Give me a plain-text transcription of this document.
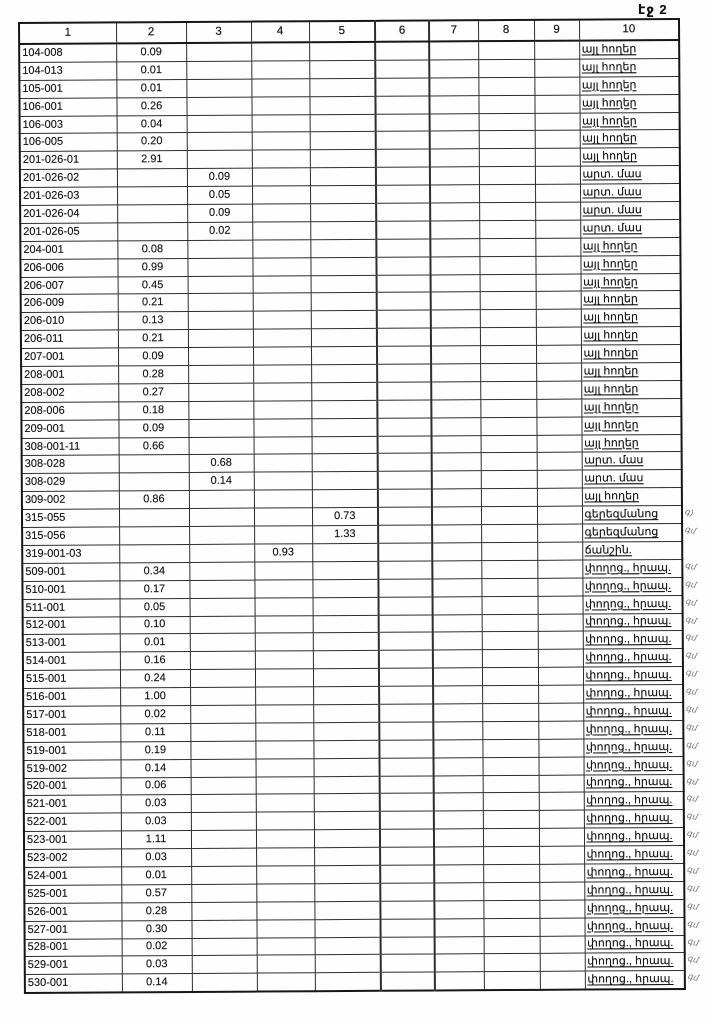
էջ 2
1	2	3	4	5	6	7	8	9	10
104-008	0.09								այլ հողեր
104-013	0.01								այլ հողեր
105-001	0.01								այլ հողեր
106-001	0.26								այլ հողեր
106-003	0.04								այլ հողեր
106-005	0.20								այլ հողեր
201-026-01	2.91								այլ հողեր
201-026-02		0.09							արտ. մաս
201-026-03		0.05							արտ. մաս
201-026-04		0.09							արտ. մաս
201-026-05		0.02							արտ. մաս
204-001	0.08								այլ հողեր
206-006	0.99								այլ հողեր
206-007	0.45								այլ հողեր
206-009	0.21								այլ հողեր
206-010	0.13								այլ հողեր
206-011	0.21								այլ հողեր
207-001	0.09								այլ հողեր
208-001	0.28								այլ հողեր
208-002	0.27								այլ հողեր
208-006	0.18								այլ հողեր
209-001	0.09								այլ հողեր
308-001-11	0.66								այլ հողեր
308-028		0.68							արտ. մաս
308-029		0.14							արտ. մաս
309-002	0.86								այլ հողեր
315-055				0.73					գերեզմանոց գ)

315-056				1.33					գերեզմանոց գմ

319-001-03			0.93						ճանշին.
509-001	0.34								փողոց., հրապ. գմ

510-001	0.17								փողոց., հրապ. գմ

511-001	0.05								փողոց., հրապ. գմ

512-001	0.10								փողոց., հրապ. գմ

513-001	0.01								փողոց., հրապ. գմ

514-001	0.16								փողոց., հրապ. գմ

515-001	0.24								փողոց., հրապ. գմ

516-001	1.00								փողոց., հրապ. գմ

517-001	0.02								փողոց., հրապ. գմ

518-001	0.11								փողոց., հրապ. գմ

519-001	0.19								փողոց., հրապ. գմ

519-002	0.14								փողոց., հրապ. գմ

520-001	0.06								փողոց., հրապ. գմ

521-001	0.03								փողոց., հրապ. գմ

522-001	0.03								փողոց., հրապ. գմ

523-001	1.11								փողոց., հրապ. գմ

523-002	0.03								փողոց., հրապ. գմ

524-001	0.01								փողոց., հրապ. գմ

525-001	0.57								փողոց., հրապ. գմ

526-001	0.28								փողոց., հրապ. գմ

527-001	0.30								փողոց., հրապ. գմ

528-001	0.02								փողոց., հրապ. գմ

529-001	0.03								փողոց., հրապ. գմ

530-001	0.14								փողոց., հրապ. գմ
